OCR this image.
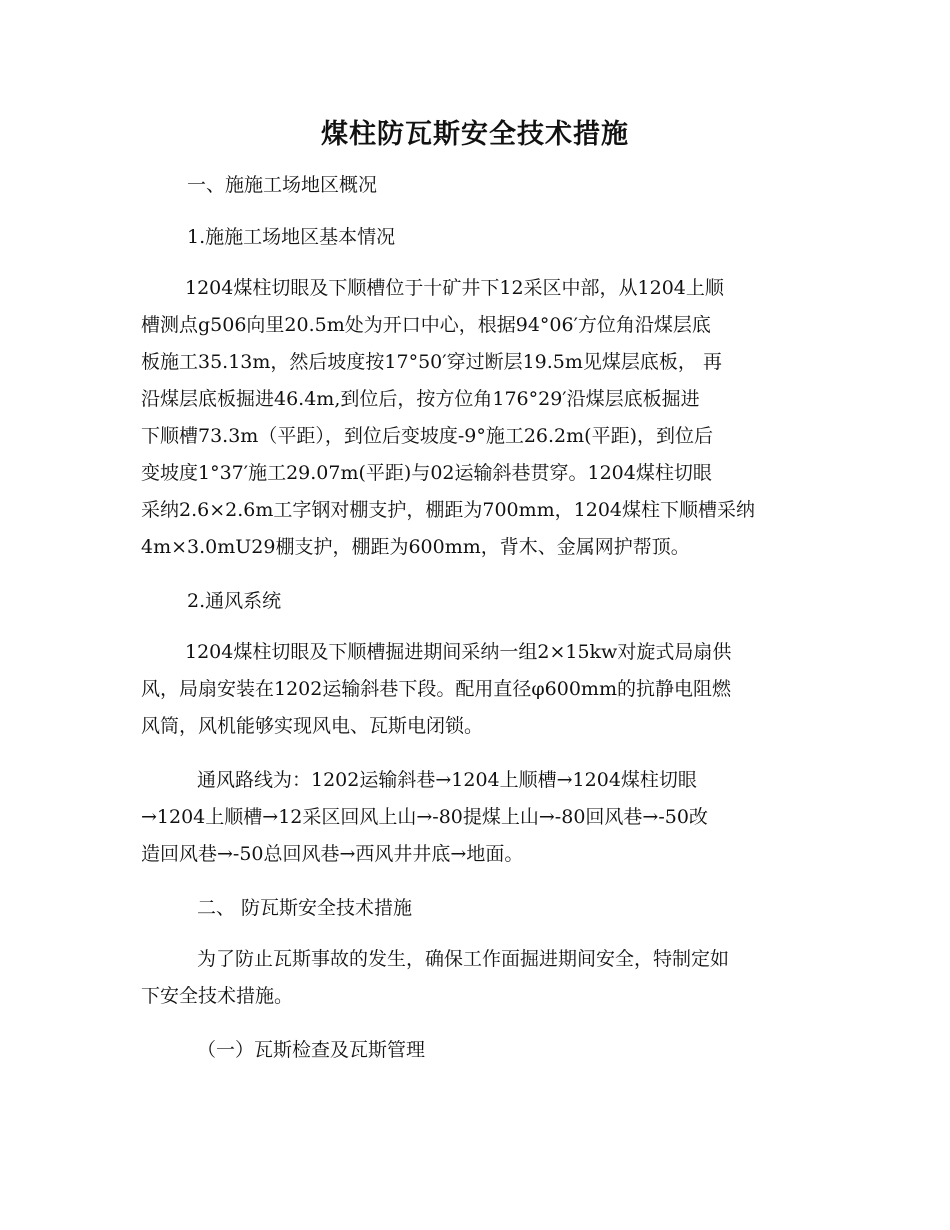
煤柱防瓦斯安全技术措施

一、施施工场地区概况

1.施施工场地区基本情况

1204煤柱切眼及下顺槽位于十矿井下12采区中部，从1204上顺
槽测点g506向里20.5m处为开口中心，根据94°06′方位角沿煤层底
板施工35.13m，然后坡度按17°50′穿过断层19.5m见煤层底板， 再
沿煤层底板掘进46.4m,到位后，按方位角176°29′沿煤层底板掘进
下顺槽73.3m（平距），到位后变坡度-9°施工26.2m(平距)，到位后
变坡度1°37′施工29.07m(平距)与02运输斜巷贯穿。1204煤柱切眼
采纳2.6×2.6m工字钢对棚支护，棚距为700mm，1204煤柱下顺槽采纳
4m×3.0mU29棚支护，棚距为600mm，背木、金属网护帮顶。

2.通风系统

1204煤柱切眼及下顺槽掘进期间采纳一组2×15kw对旋式局扇供
风，局扇安装在1202运输斜巷下段。配用直径φ600mm的抗静电阻燃
风筒，风机能够实现风电、瓦斯电闭锁。
通风路线为：1202运输斜巷→1204上顺槽→1204煤柱切眼
→1204上顺槽→12采区回风上山→-80提煤上山→-80回风巷→-50改
造回风巷→-50总回风巷→西风井井底→地面。

二、 防瓦斯安全技术措施

为了防止瓦斯事故的发生，确保工作面掘进期间安全，特制定如
下安全技术措施。

（一）瓦斯检查及瓦斯管理
